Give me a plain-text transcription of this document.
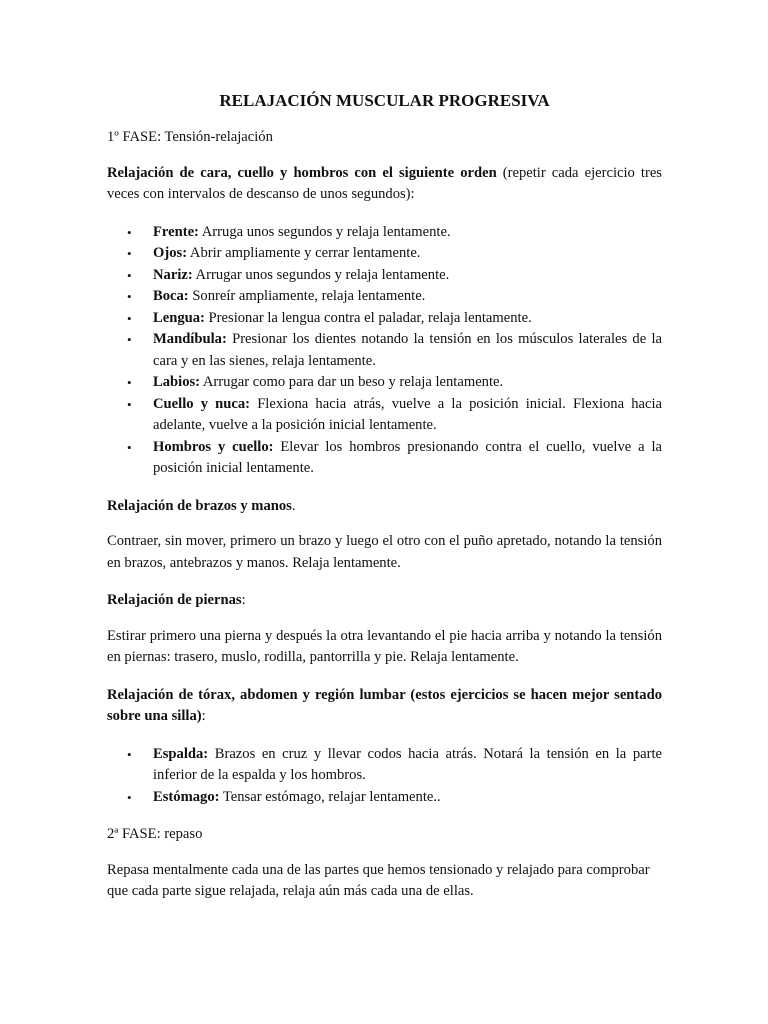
RELAJACIÓN MUSCULAR PROGRESIVA

1º FASE: Tensión-relajación

Relajación de cara, cuello y hombros con el siguiente orden (repetir cada ejercicio tres veces con intervalos de descanso de unos segundos):

• Frente: Arruga unos segundos y relaja lentamente.
• Ojos: Abrir ampliamente y cerrar lentamente.
• Nariz: Arrugar unos segundos y relaja lentamente.
• Boca: Sonreír ampliamente, relaja lentamente.
• Lengua: Presionar la lengua contra el paladar, relaja lentamente.
• Mandíbula: Presionar los dientes notando la tensión en los músculos laterales de la cara y en las sienes, relaja lentamente.
• Labios: Arrugar como para dar un beso y relaja lentamente.
• Cuello y nuca: Flexiona hacia atrás, vuelve a la posición inicial. Flexiona hacia adelante, vuelve a la posición inicial lentamente.
• Hombros y cuello: Elevar los hombros presionando contra el cuello, vuelve a la posición inicial lentamente.

Relajación de brazos y manos.

Contraer, sin mover, primero un brazo y luego el otro con el puño apretado, notando la tensión en brazos, antebrazos y manos. Relaja lentamente.

Relajación de piernas:

Estirar primero una pierna y después la otra levantando el pie hacia arriba y notando la tensión en piernas: trasero, muslo, rodilla, pantorrilla y pie. Relaja lentamente.

Relajación de tórax, abdomen y región lumbar (estos ejercicios se hacen mejor sentado sobre una silla):

• Espalda: Brazos en cruz y llevar codos hacia atrás. Notará la tensión en la parte inferior de la espalda y los hombros.
• Estómago: Tensar estómago, relajar lentamente..

2ª FASE: repaso

Repasa mentalmente cada una de las partes que hemos tensionado y relajado para comprobar que cada parte sigue relajada, relaja aún más cada una de ellas.
